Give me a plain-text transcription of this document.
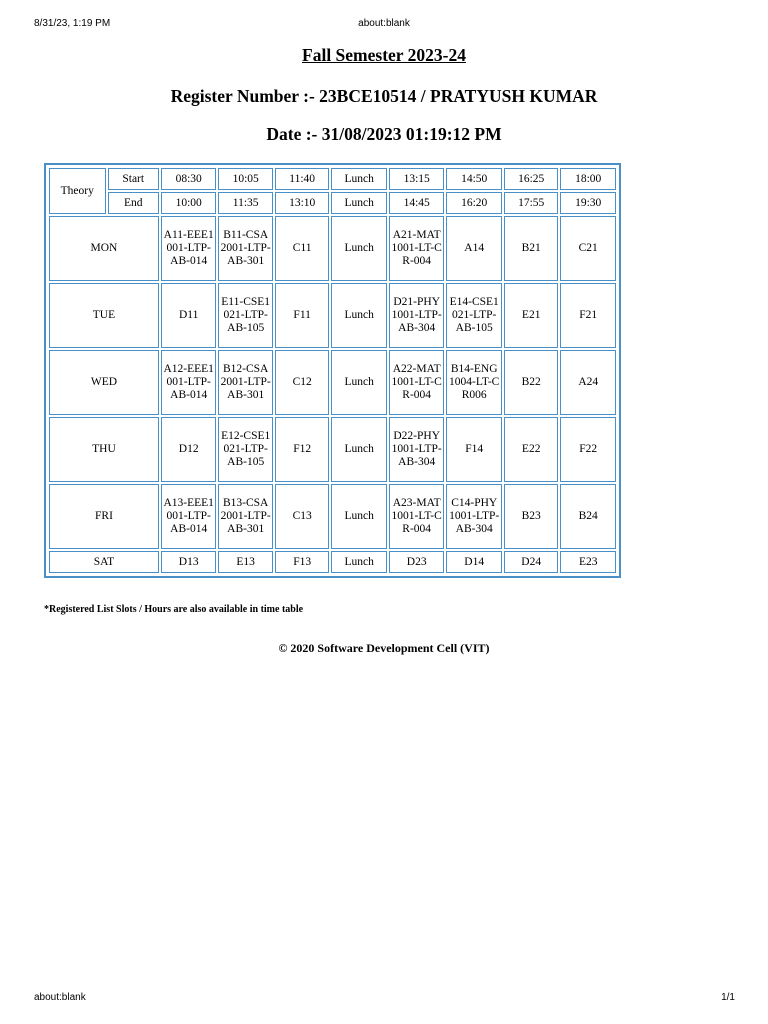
8/31/23, 1:19 PM	about:blank
Fall Semester 2023-24
Register Number :- 23BCE10514 / PRATYUSH KUMAR
Date :- 31/08/2023 01:19:12 PM
Theory	Start	08:30	10:05	11:40	Lunch	13:15	14:50	16:25	18:00
	End	10:00	11:35	13:10	Lunch	14:45	16:20	17:55	19:30
MON		A11-EEE1001-LTP-AB-014	B11-CSA2001-LTP-AB-301	C11	Lunch	A21-MAT1001-LT-CR-004	A14	B21	C21
TUE		D11	E11-CSE1021-LTP-AB-105	F11	Lunch	D21-PHY1001-LTP-AB-304	E14-CSE1021-LTP-AB-105	E21	F21
WED		A12-EEE1001-LTP-AB-014	B12-CSA2001-LTP-AB-301	C12	Lunch	A22-MAT1001-LT-CR-004	B14-ENG1004-LT-CR006	B22	A24
THU		D12	E12-CSE1021-LTP-AB-105	F12	Lunch	D22-PHY1001-LTP-AB-304	F14	E22	F22
FRI		A13-EEE1001-LTP-AB-014	B13-CSA2001-LTP-AB-301	C13	Lunch	A23-MAT1001-LT-CR-004	C14-PHY1001-LTP-AB-304	B23	B24
SAT		D13	E13	F13	Lunch	D23	D14	D24	E23
*Registered List Slots / Hours are also available in time table
© 2020 Software Development Cell (VIT)
about:blank	1/1
